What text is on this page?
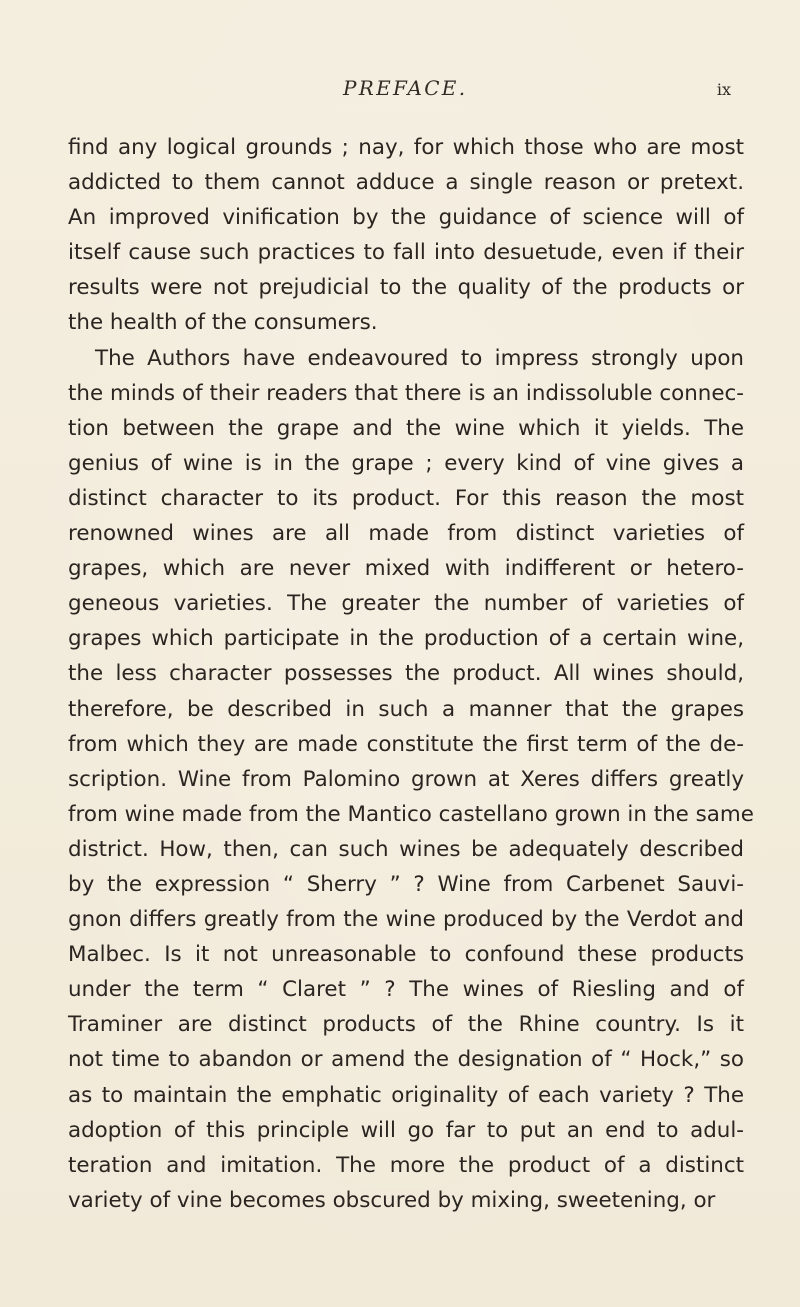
PREFACE.	ix
find any logical grounds ; nay, for which those who are most
addicted to them cannot adduce a single reason or pretext.
An improved vinification by the guidance of science will of
itself cause such practices to fall into desuetude, even if their
results were not prejudicial to the quality of the products or
the health of the consumers.
The Authors have endeavoured to impress strongly upon
the minds of their readers that there is an indissoluble connec-
tion between the grape and the wine which it yields. The
genius of wine is in the grape ; every kind of vine gives a
distinct character to its product. For this reason the most
renowned wines are all made from distinct varieties of
grapes, which are never mixed with indifferent or hetero-
geneous varieties. The greater the number of varieties of
grapes which participate in the production of a certain wine,
the less character possesses the product. All wines should,
therefore, be described in such a manner that the grapes
from which they are made constitute the first term of the de-
scription. Wine from Palomino grown at Xeres differs greatly
from wine made from the Mantico castellano grown in the same
district. How, then, can such wines be adequately described
by the expression “ Sherry ” ? Wine from Carbenet Sauvi-
gnon differs greatly from the wine produced by the Verdot and
Malbec. Is it not unreasonable to confound these products
under the term “ Claret ” ? The wines of Riesling and of
Traminer are distinct products of the Rhine country. Is it
not time to abandon or amend the designation of “ Hock,” so
as to maintain the emphatic originality of each variety ? The
adoption of this principle will go far to put an end to adul-
teration and imitation. The more the product of a distinct
variety of vine becomes obscured by mixing, sweetening, or
